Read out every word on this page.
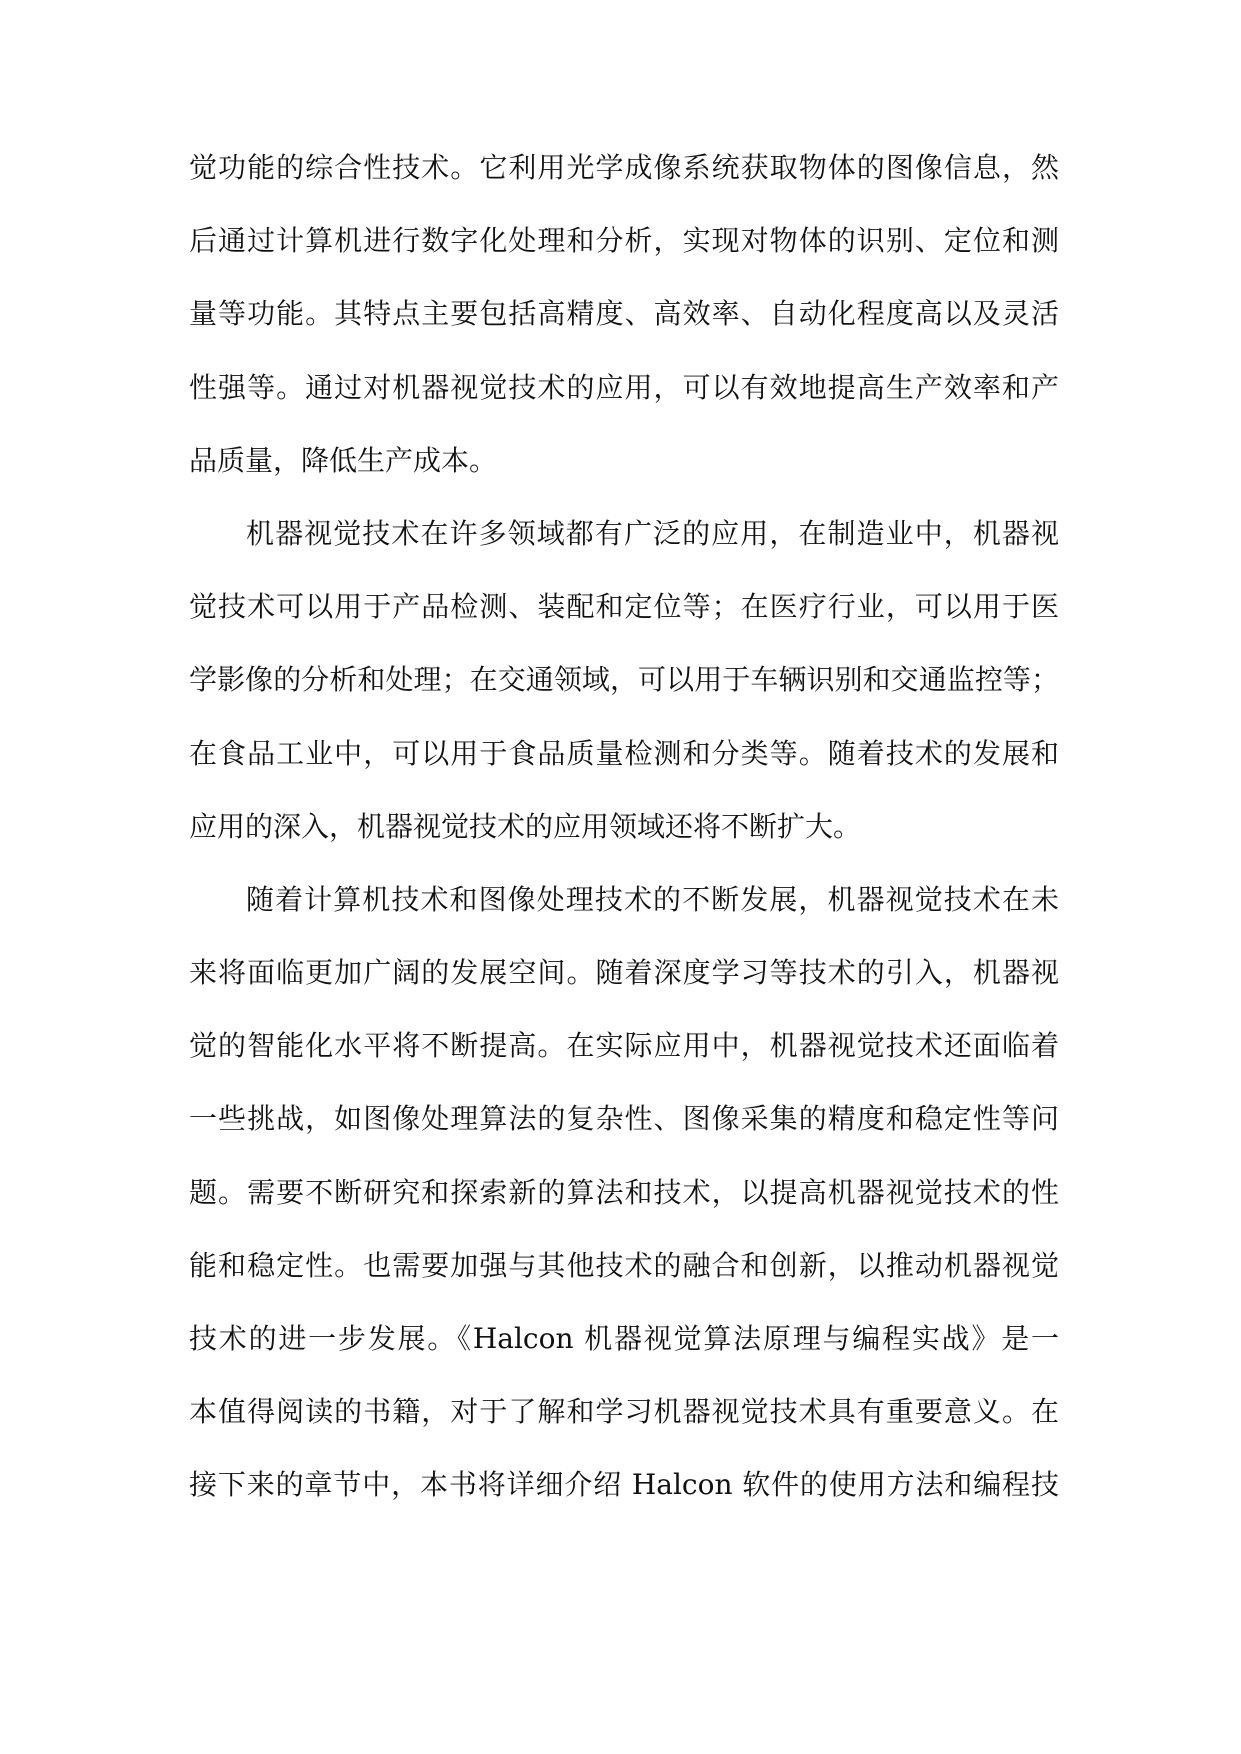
觉功能的综合性技术。它利用光学成像系统获取物体的图像信息，然
后通过计算机进行数字化处理和分析，实现对物体的识别、定位和测
量等功能。其特点主要包括高精度、高效率、自动化程度高以及灵活
性强等。通过对机器视觉技术的应用，可以有效地提高生产效率和产
品质量，降低生产成本。
机器视觉技术在许多领域都有广泛的应用，在制造业中，机器视
觉技术可以用于产品检测、装配和定位等；在医疗行业，可以用于医
学影像的分析和处理；在交通领域，可以用于车辆识别和交通监控等；
在食品工业中，可以用于食品质量检测和分类等。随着技术的发展和
应用的深入，机器视觉技术的应用领域还将不断扩大。
随着计算机技术和图像处理技术的不断发展，机器视觉技术在未
来将面临更加广阔的发展空间。随着深度学习等技术的引入，机器视
觉的智能化水平将不断提高。在实际应用中，机器视觉技术还面临着
一些挑战，如图像处理算法的复杂性、图像采集的精度和稳定性等问
题。需要不断研究和探索新的算法和技术，以提高机器视觉技术的性
能和稳定性。也需要加强与其他技术的融合和创新，以推动机器视觉
技术的进一步发展。《Halcon 机器视觉算法原理与编程实战》是一
本值得阅读的书籍，对于了解和学习机器视觉技术具有重要意义。在
接下来的章节中，本书将详细介绍 Halcon 软件的使用方法和编程技
